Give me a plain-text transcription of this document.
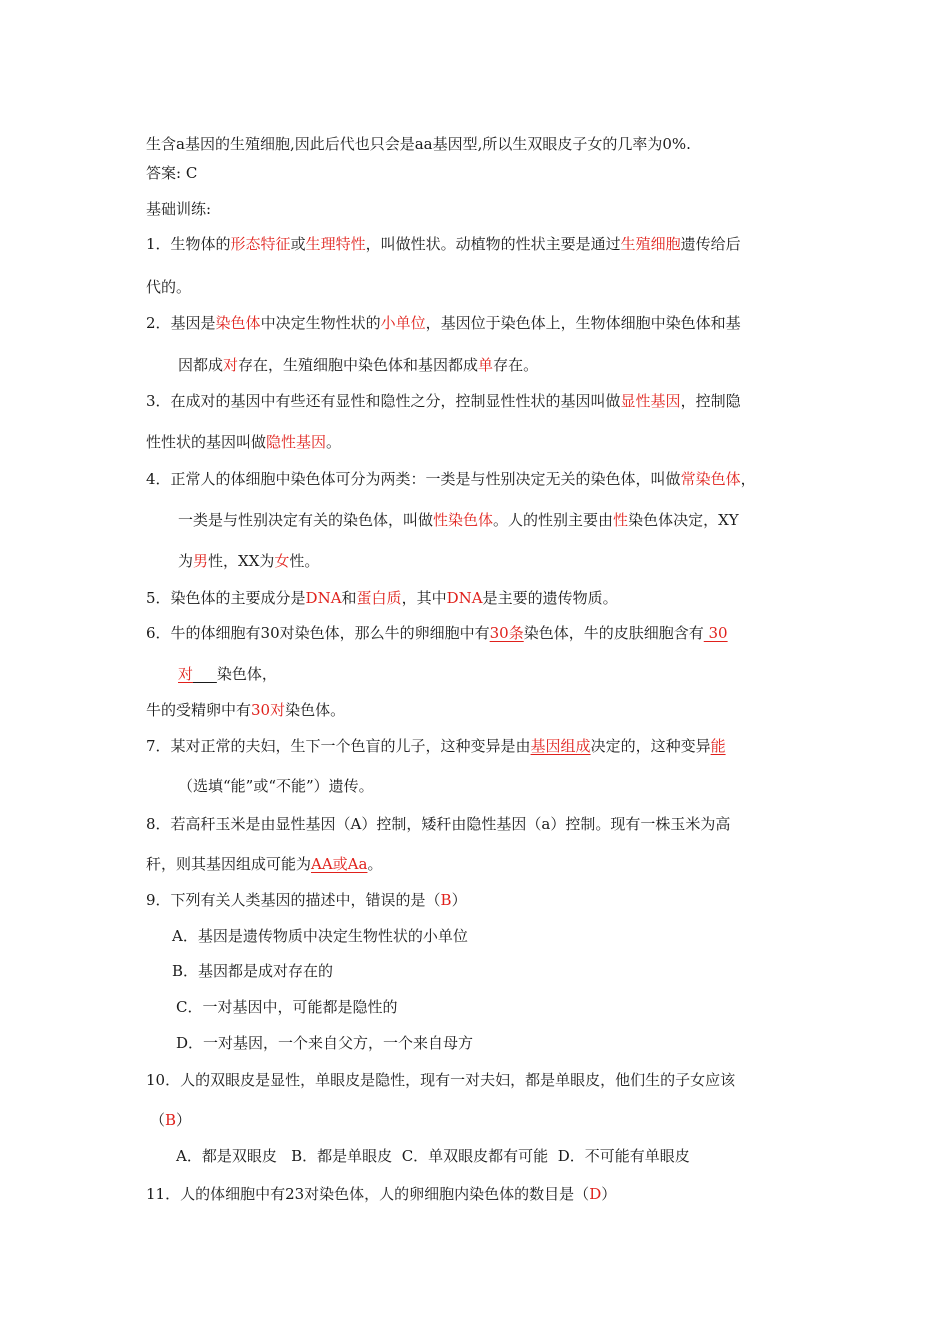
生含a基因的生殖细胞,因此后代也只会是aa基因型,所以生双眼皮子女的几率为0%.
答案: C
基础训练:
1．生物体的形态特征或生理特性，叫做性状。动植物的性状主要是通过生殖细胞遗传给后
代的。
2．基因是染色体中决定生物性状的小单位，基因位于染色体上，生物体细胞中染色体和基
因都成对存在，生殖细胞中染色体和基因都成单存在。
3．在成对的基因中有些还有显性和隐性之分，控制显性性状的基因叫做显性基因，控制隐
性性状的基因叫做隐性基因。
4．正常人的体细胞中染色体可分为两类：一类是与性别决定无关的染色体，叫做常染色体，
一类是与性别决定有关的染色体，叫做性染色体。人的性别主要由性染色体决定，XY
为男性，XX为女性。
5．染色体的主要成分是DNA和蛋白质，其中DNA是主要的遗传物质。
6．牛的体细胞有30对染色体，那么牛的卵细胞中有30条染色体，牛的皮肤细胞含有 30
对 染色体，
牛的受精卵中有30对染色体。
7．某对正常的夫妇，生下一个色盲的儿子，这种变异是由基因组成决定的，这种变异能
（选填“能”或“不能”）遗传。
8．若高秆玉米是由显性基因（A）控制，矮秆由隐性基因（a）控制。现有一株玉米为高
秆，则其基因组成可能为AA或Aa。
9．下列有关人类基因的描述中，错误的是（B）
A．基因是遗传物质中决定生物性状的小单位
B．基因都是成对存在的
C．一对基因中，可能都是隐性的
D．一对基因，一个来自父方，一个来自母方
10．人的双眼皮是显性，单眼皮是隐性，现有一对夫妇，都是单眼皮，他们生的子女应该
（B）
A．都是双眼皮   B．都是单眼皮  C．单双眼皮都有可能  D．不可能有单眼皮
11．人的体细胞中有23对染色体，人的卵细胞内染色体的数目是（D）
